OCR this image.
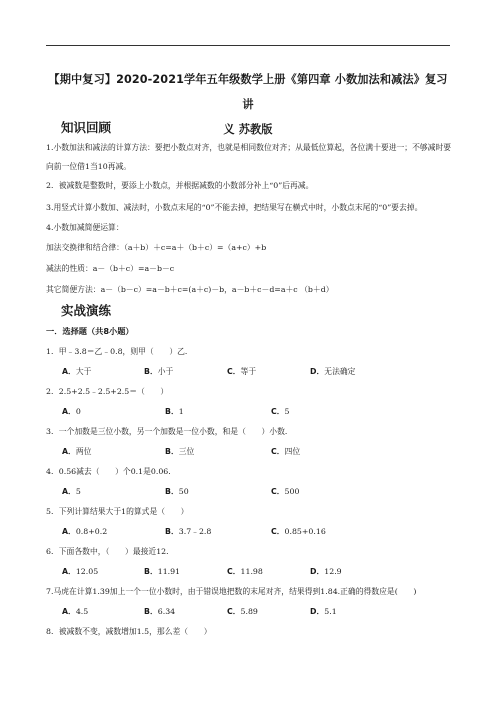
【期中复习】2020-2021学年五年级数学上册《第四章 小数加法和减法》复习讲
义 苏教版
知识回顾
1.小数加法和减法的计算方法：要把小数点对齐，也就是相同数位对齐；从最低位算起，各位满十要进一；不够减时要向前一位借1当10再减。
2．被减数是整数时，要添上小数点，并根据减数的小数部分补上“0”后再减。
3.用竖式计算小数加、减法时，小数点末尾的“0”不能去掉，把结果写在横式中时，小数点末尾的“0”要去掉。
4.小数加减简便运算：
加法交换律和结合律：（a＋b）＋c=a＋（b＋c）=（a+c）+b
减法的性质：a－（b＋c）=a－b－c
其它简便方法：a－（b－c）=a－b＋c=(a＋c)－b，a－b＋c－d=a＋c （b＋d）
实战演练
一．选择题（共8小题）
1．甲﹣3.8＝乙﹣0.8，则甲（　　）乙．
A．大于	B．小于	C．等于	D．无法确定
2．2.5+2.5﹣2.5+2.5＝（　　）
A．0	B．1	C．5
3．一个加数是三位小数，另一个加数是一位小数，和是（　　）小数．
A．两位	B．三位	C．四位
4．0.56减去（　　）个0.1是0.06.
A．5	B．50	C．500
5．下列计算结果大于1的算式是（　　）
A．0.8+0.2	B．3.7﹣2.8	C．0.85+0.16
6．下面各数中，（　　）最接近12．
A．12.05	B．11.91	C．11.98	D．12.9
7.马虎在计算1.39加上一个一位小数时，由于错误地把数的末尾对齐，结果得到1.84.正确的得数应是(　　)
A．4.5	B．6.34	C．5.89	D．5.1
8．被减数不变，减数增加1.5，那么差（　　）
